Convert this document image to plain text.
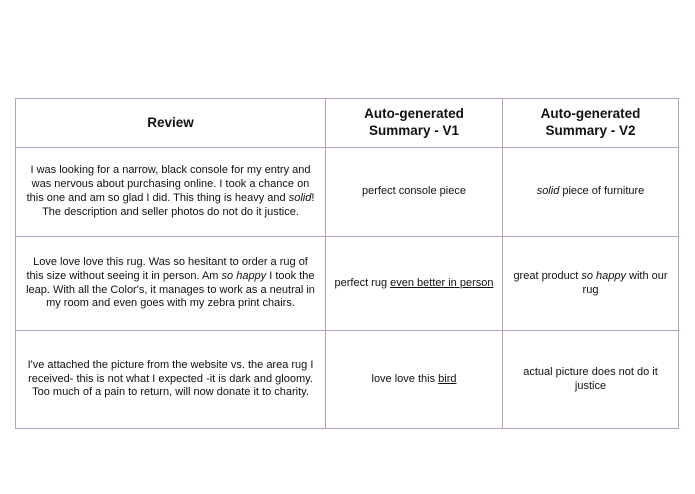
Review	Auto-generated Summary - V1	Auto-generated Summary - V2
I was looking for a narrow, black console for my entry and was nervous about purchasing online. I took a chance on this one and am so glad I did. This thing is heavy and solid! The description and seller photos do not do it justice.	perfect console piece	solid piece of furniture
Love love love this rug. Was so hesitant to order a rug of this size without seeing it in person. Am so happy I took the leap. With all the Color's, it manages to work as a neutral in my room and even goes with my zebra print chairs.	perfect rug even better in person	great product so happy with our rug
I've attached the picture from the website vs. the area rug I received- this is not what I expected -it is dark and gloomy. Too much of a pain to return, will now donate it to charity.	love love this bird	actual picture does not do it justice
